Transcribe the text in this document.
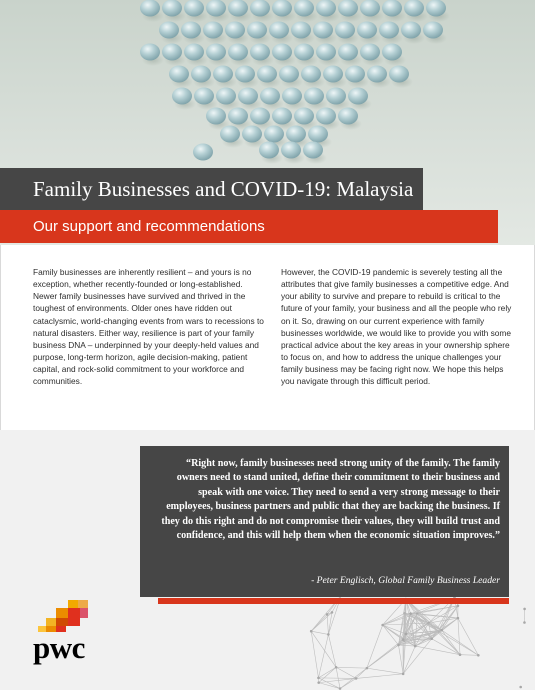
Family Businesses and COVID-19: Malaysia
Our support and recommendations
Family businesses are inherently resilient – and yours is no exception, whether recently-founded or long-established. Newer family businesses have survived and thrived in the toughest of environments. Older ones have ridden out cataclysmic, world-changing events from wars to recessions to natural disasters. Either way, resilience is part of your family business DNA – underpinned by your deeply-held values and purpose, long-term horizon, agile decision-making, patient capital, and rock-solid commitment to your workforce and communities.
However, the COVID-19 pandemic is severely testing all the attributes that give family businesses a competitive edge. And your ability to survive and prepare to rebuild is critical to the future of your family, your business and all the people who rely on it. So, drawing on our current experience with family businesses worldwide, we would like to provide you with some practical advice about the key areas in your ownership sphere to focus on, and how to address the unique challenges your family business may be facing right now. We hope this helps you navigate through this difficult period.
“Right now, family businesses need strong unity of the family. The family owners need to stand united, define their commitment to their business and speak with one voice. They need to send a very strong message to their employees, business partners and public that they are backing the business. If they do this right and do not compromise their values, they will build trust and confidence, and this will help them when the economic situation improves.”
- Peter Englisch, Global Family Business Leader
pwc
